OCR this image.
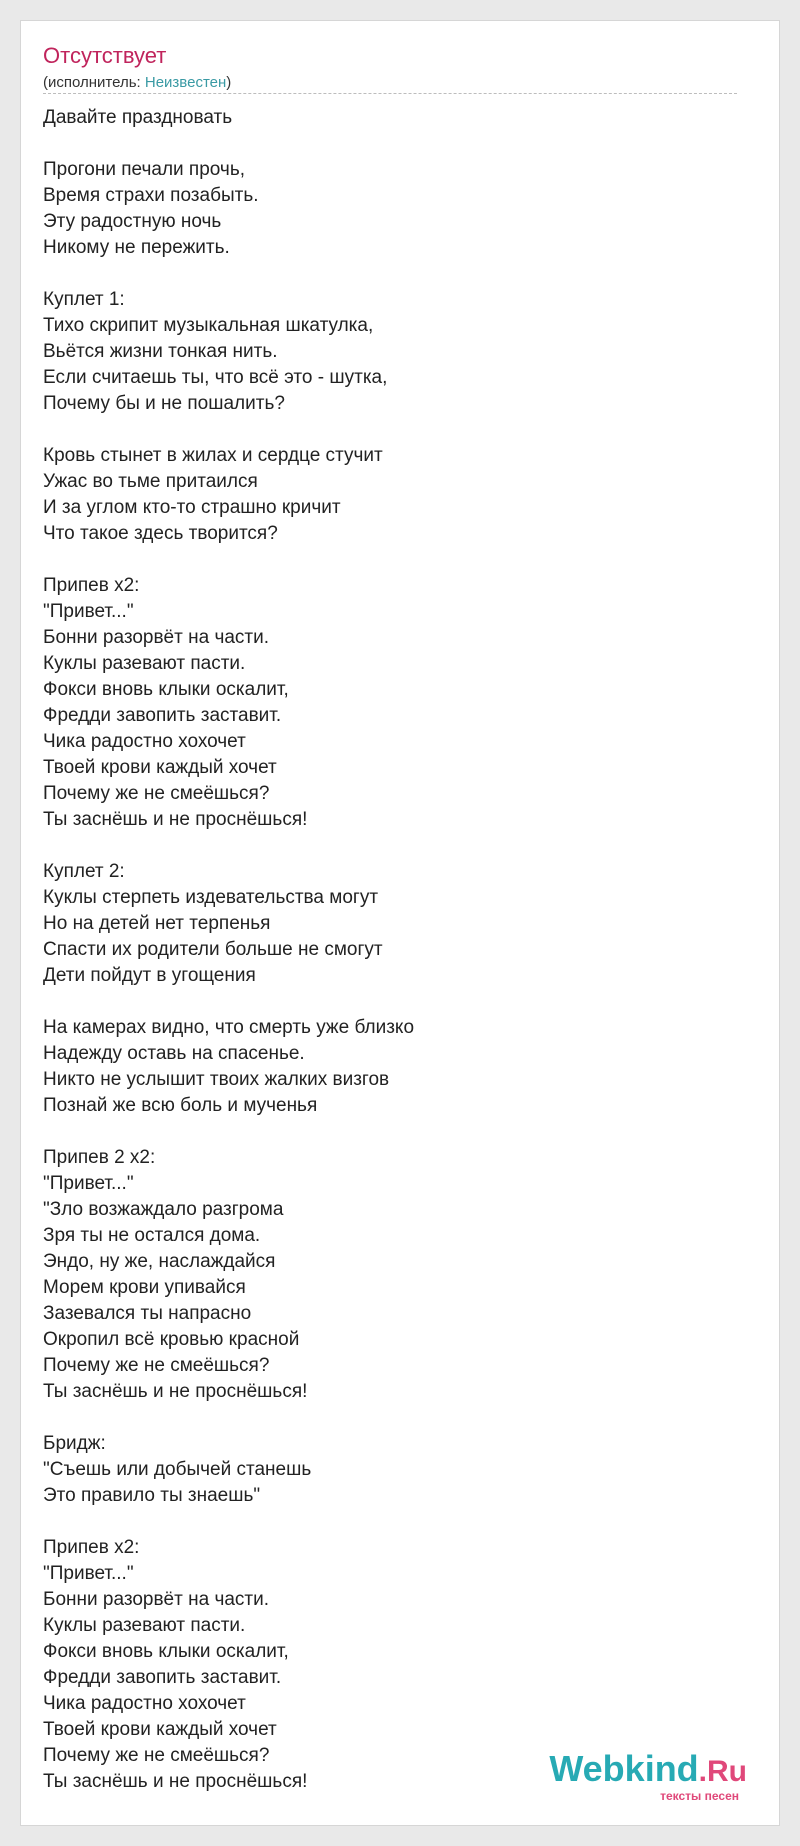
Отсутствует
(исполнитель: Неизвестен)
Давайте праздновать
Прогони печали прочь,
Время страхи позабыть.
Эту радостную ночь
Никому не пережить.
Куплет 1:
Тихо скрипит музыкальная шкатулка,
Вьётся жизни тонкая нить.
Если считаешь ты, что всё это - шутка,
Почему бы и не пошалить?
Кровь стынет в жилах и сердце стучит
Ужас во тьме притаился
И за углом кто-то страшно кричит
Что такое здесь творится?
Припев x2:
"Привет..."
Бонни разорвёт на части.
Куклы разевают пасти.
Фокси вновь клыки оскалит,
Фредди завопить заставит.
Чика радостно хохочет
Твоей крови каждый хочет
Почему же не смеёшься?
Ты заснёшь и не проснёшься!
Куплет 2:
Куклы стерпеть издевательства могут
Но на детей нет терпенья
Спасти их родители больше не смогут
Дети пойдут в угощения
На камерах видно, что смерть уже близко
Надежду оставь на спасенье.
Никто не услышит твоих жалких визгов
Познай же всю боль и мученья
Припев 2 x2:
"Привет..."
"Зло возжаждало разгрома
Зря ты не остался дома.
Эндо, ну же, наслаждайся
Морем крови упивайся
Зазевался ты напрасно
Окропил всё кровью красной
Почему же не смеёшься?
Ты заснёшь и не проснёшься!
Бридж:
"Съешь или добычей станешь
Это правило ты знаешь"
Припев x2:
"Привет..."
Бонни разорвёт на части.
Куклы разевают пасти.
Фокси вновь клыки оскалит,
Фредди завопить заставит.
Чика радостно хохочет
Твоей крови каждый хочет
Почему же не смеёшься?
Ты заснёшь и не проснёшься!	Webkind.Ru
тексты песен
